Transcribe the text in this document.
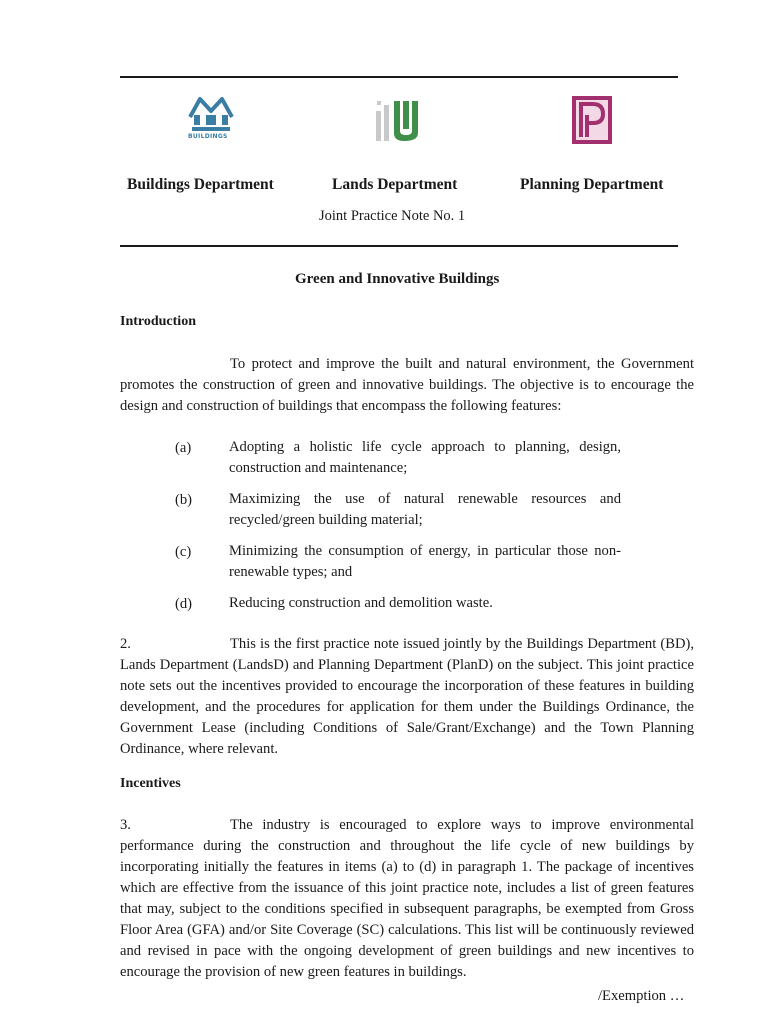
BUILDINGS
Buildings Department	Lands Department	Planning Department
Joint Practice Note No. 1
Green and Innovative Buildings
Introduction
To protect and improve the built and natural environment, the Government promotes the construction of green and innovative buildings. The objective is to encourage the design and construction of buildings that encompass the following features:
(a)	Adopting a holistic life cycle approach to planning, design, construction and maintenance;
(b)	Maximizing the use of natural renewable resources and recycled/green building material;
(c)	Minimizing the consumption of energy, in particular those non-renewable types; and
(d)	Reducing construction and demolition waste.
2.	This is the first practice note issued jointly by the Buildings Department (BD), Lands Department (LandsD) and Planning Department (PlanD) on the subject. This joint practice note sets out the incentives provided to encourage the incorporation of these features in building development, and the procedures for application for them under the Buildings Ordinance, the Government Lease (including Conditions of Sale/Grant/Exchange) and the Town Planning Ordinance, where relevant.
Incentives
3.	The industry is encouraged to explore ways to improve environmental performance during the construction and throughout the life cycle of new buildings by incorporating initially the features in items (a) to (d) in paragraph 1. The package of incentives which are effective from the issuance of this joint practice note, includes a list of green features that may, subject to the conditions specified in subsequent paragraphs, be exempted from Gross Floor Area (GFA) and/or Site Coverage (SC) calculations. This list will be continuously reviewed and revised in pace with the ongoing development of green buildings and new incentives to encourage the provision of new green features in buildings.
/Exemption …
